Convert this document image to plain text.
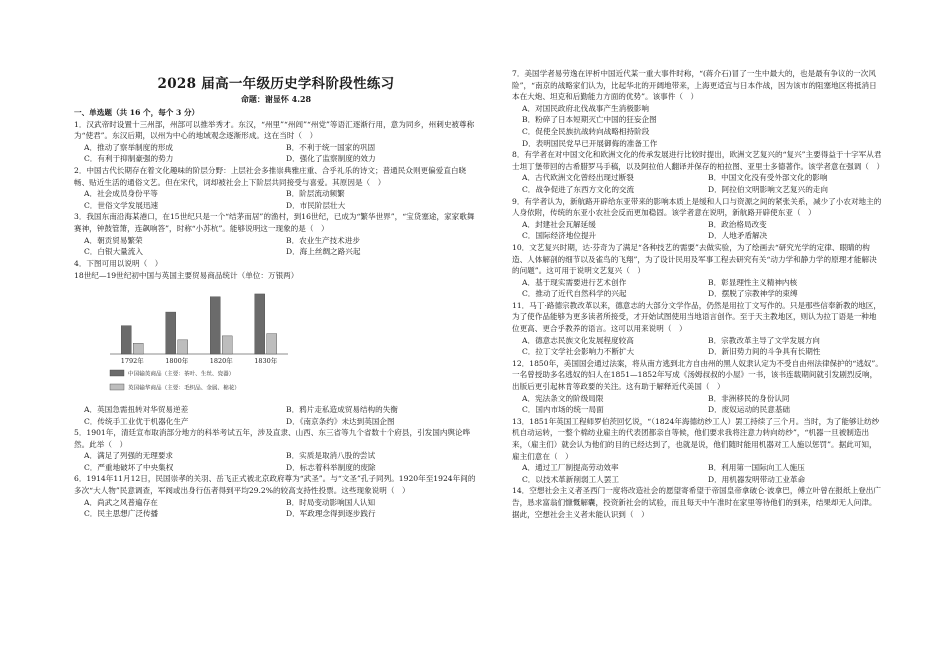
2028 届高一年级历史学科阶段性练习
命题：谢显怀 4.28
一、单选题（共 16 个，每个 3 分）

1．汉武帝时设置十三州部，州部可以推举秀才。东汉，“州里”“州闾”“州党”等语汇逐渐行用，意为同乡，州刺史被尊称为“使君”。东汉后期，以州为中心的地域观念逐渐形成。这在当时（　）

A．推动了察举制度的形成	B．不利于统一国家的巩固
C．有利于抑制豪强的势力	D．强化了监察制度的效力

2．中国古代长期存在着文化趣味的阶层分野：上层社会多推崇典雅庄重、合乎礼乐的诗文；普通民众则更偏爱直白晓畅、贴近生活的通俗文艺。但在宋代，词却被社会上下阶层共同接受与喜爱。其原因是（　）

A．社会成员身份平等	B．阶层流动频繁
C．世俗文学发展迅速	D．市民阶层壮大

3．我国东南沿海某港口，在15世纪只是一个“结茅而居”的渔村，到16世纪，已成为“繁华世界”，“宝货塞途，家家歌舞赛神，钟鼓管箫，连飙响答”，时称“小苏杭”。能够说明这一现象的是（　）

A．朝贡贸易繁荣	B．农业生产技术进步
C．白银大量流入	D．海上丝绸之路兴起

4．下图可用以说明（　）

18世纪—19世纪初中国与英国主要贸易商品统计（单位：万银两）
1792年	1800年	1820年	1830年
中国输英商品（主要：茶叶、生丝、瓷器）
英国输华商品（主要：毛织品、金属、棉花）
A．英国急需扭转对华贸易逆差	B．鸦片走私造成贸易结构的失衡
C．传统手工业优于机器化生产	D．《南京条约》未达到英国企图

5．1901年，清廷宣布取消部分地方的科举考试五年，涉及直隶、山西、东三省等九个省数十个府县，引发国内舆论哗然。此举（　）

A．满足了列强的无理要求	B．实质是取消八股的尝试
C．严重地破坏了中央集权	D．标志着科举制度的废除

6．1914年11月12日，民国崇孝的关羽、岳飞正式被北京政府尊为“武圣”。与“文圣”孔子同列。1920年至1924年间的多次“大人物”民意调查，军阀或出身行伍者得到平均29.2%的较高支持性投票。这些现象说明（　）

A．尚武之风普遍存在	B．时局变动影响国人认知
C．民主思想广泛传播	D．军政理念得到逐步践行

7．美国学者易劳逸在评析中国近代某一重大事件时称，“(蒋介石)冒了一生中最大的，也是最有争议的一次风险”，“南京的战略家们认为，比起华北的开阔地带来，上海更适宜与日本作战，因为该市的阻塞地区将抵消日本在大炮、坦克和后勤能力方面的优势”。该事件（　）

A．对国民政府北伐战事产生消极影响
B．粉碎了日本短期灭亡中国的狂妄企图
C．促使全民族抗战转向战略相持阶段
D．表明国民党早已开展御侮的准备工作

8．有学者在对中国文化和欧洲文化的传承发展进行比较时提出，欧洲文艺复兴的“复兴”主要得益于十字军从君士坦丁堡带回的古希腊罗马手稿，以及阿拉伯人翻译并保存的柏拉图、亚里士多德著作。该学者意在强调（　）

A．古代欧洲文化曾经出现过断裂	B．中国文化没有受外部文化的影响
C．战争促进了东西方文化的交流	D．阿拉伯文明影响文艺复兴的走向

9．有学者认为，新航路开辟给东亚带来的影响本质上是缓和人口与资源之间的紧张关系，减少了小农对地主的人身依附，传统的东亚小农社会反而更加稳固。该学者意在说明，新航路开辟使东亚（　）

A．封建社会瓦解延缓	B．政治格局改变
C．国际经济地位提升	D．人地矛盾解决

10．文艺复兴时期，达·芬奇为了满足“各种技艺的需要”去做实验，为了绘画去“研究光学的定律、眼睛的构造、人体解剖的细节以及雀鸟的飞翔”，为了设计民用及军事工程去研究有关“动力学和静力学的原理才能解决的问题”。这可用于说明文艺复兴（　）

A．基于现实需要进行艺术创作	B．彰显理性主义精神内核
C．推动了近代自然科学的兴起	D．摆脱了宗教神学的束缚

11．马丁·路德宗教改革以来，德意志的大部分文学作品，仍然是用拉丁文写作的。只是那些信奉新教的地区，为了使作品能够为更多读者所接受，才开始试图使用当地语言创作。至于天主教地区，则认为拉丁语是一种地位更高、更合乎教养的语言。这可以用来说明（　）

A．德意志民族文化发展程度较高	B．宗教改革主导了文学发展方向
C．拉丁文学社会影响力不断扩大	D．新旧势力间的斗争具有长期性

12．1850年，美国国会通过法案，将从南方逃到北方自由州的黑人奴隶认定为不受自由州法律保护的“逃奴”。一名曾授助多名逃奴的妇人在1851—1852年写成《汤姆叔叔的小屋》一书，该书连载期间就引发剧烈反响，出版后更引起林肯等政要的关注。这有助于解释近代美国（　）

A．宪法条文的阶级局限	B．非洲移民的身份认同
C．国内市场的统一局面	D．废奴运动的民意基础

13．1851年英国工程师罗伯茨回忆说，“（1824年海德纺纱工人）罢工持续了三个月。当时，为了能够让纺纱机自动运转，一整个棉纺业雇主的代表团都亲自等候，他们要求我将注意力转向纺纱”，“机器一旦被制造出来，（雇主们）就会认为他们的目的已经达到了，也就是说，他们随时能用机器对工人施以惩罚”。据此可知，雇主们意在（　）

A．通过工厂制提高劳动效率	B．利用第一国际向工人施压
C．以技术革新削弱工人罢工	D．用机器发明带动工业革命

14．空想社会主义者圣西门一度将改造社会的愿望寄希望于帝国皇帝拿破仑·波拿巴，傅立叶曾在报纸上登出广告，恳求富翁们慷慨解囊，投资新社会的试验，而且每天中午准时在家里等待他们的到来，结果却无人问津。据此，空想社会主义者未能认识到（　）
